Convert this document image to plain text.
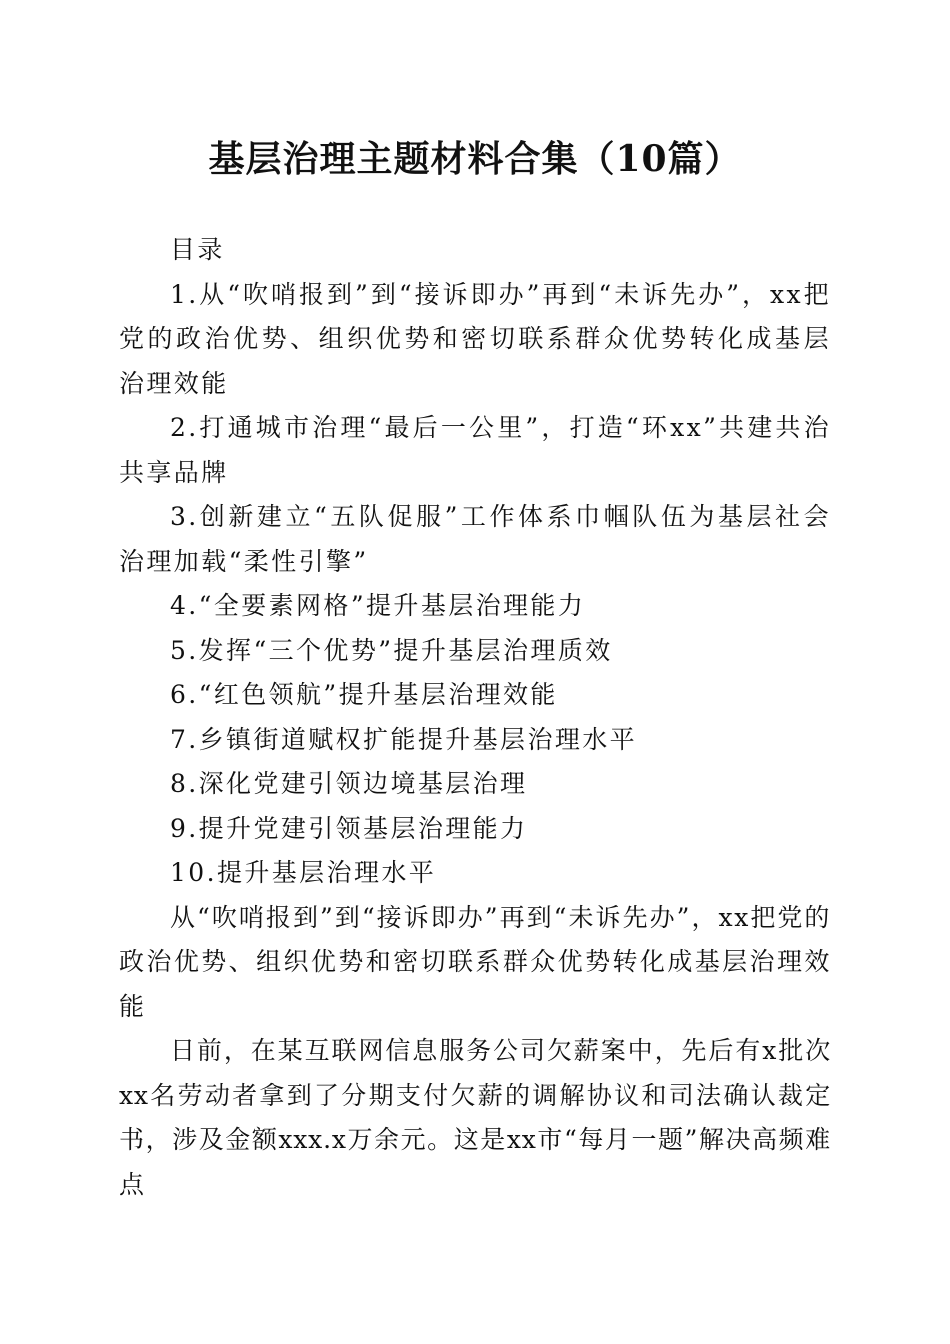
基层治理主题材料合集（10篇）

目录

1.从“吹哨报到”到“接诉即办”再到“未诉先办”，xx把党的政治优势、组织优势和密切联系群众优势转化成基层治理效能

2.打通城市治理“最后一公里”，打造“环xx”共建共治共享品牌

3.创新建立“五队促服”工作体系巾帼队伍为基层社会治理加载“柔性引擎”

4.“全要素网格”提升基层治理能力

5.发挥“三个优势”提升基层治理质效

6.“红色领航”提升基层治理效能

7.乡镇街道赋权扩能提升基层治理水平

8.深化党建引领边境基层治理

9.提升党建引领基层治理能力

10.提升基层治理水平

从“吹哨报到”到“接诉即办”再到“未诉先办”，xx把党的政治优势、组织优势和密切联系群众优势转化成基层治理效能

日前，在某互联网信息服务公司欠薪案中，先后有x批次xx名劳动者拿到了分期支付欠薪的调解协议和司法确认裁定书，涉及金额xxx.x万余元。这是xx市“每月一题”解决高频难点
